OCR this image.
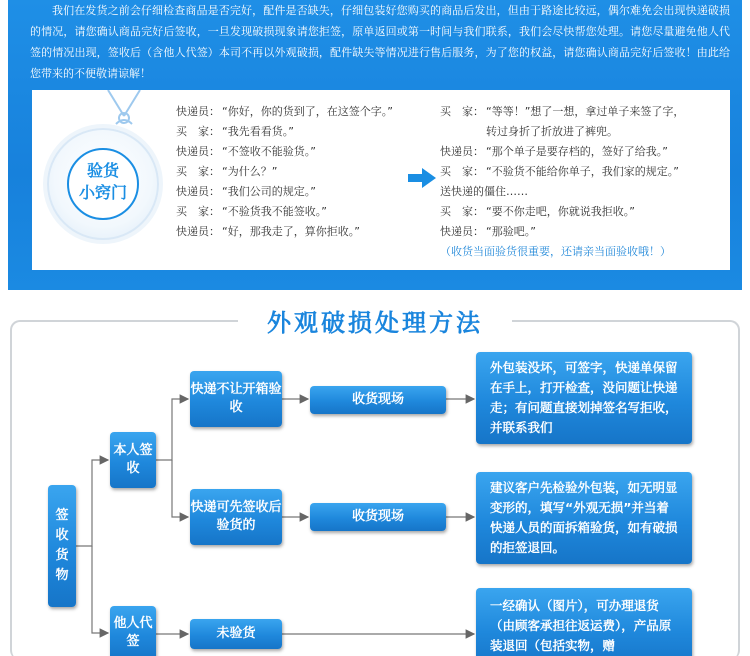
我们在发货之前会仔细检查商品是否完好，配件是否缺失，仔细包装好您购买的商品后发出，但由于路途比较远，偶尔难免会出现快递破损的情况，请您确认商品完好后签收，一旦发现破损现象请您拒签，原单返回或第一时间与我们联系，我们会尽快帮您处理。请您尽量避免他人代签的情况出现，签收后（含他人代签）本司不再以外观破损，配件缺失等情况进行售后服务，为了您的权益，请您确认商品完好后签收！由此给您带来的不便敬请谅解！

验货
小窍门
快递员： “你好，你的货到了，在这签个字。”
买　家： “我先看看货。”
快递员： “不签收不能验货。”
买　家： “为什么？”
快递员： “我们公司的规定。”
买　家： “不验货我不能签收。”
快递员： “好，那我走了，算你拒收。”
买　家： “等等！”想了一想，拿过单子来签了字，
转过身折了折放进了裤兜。
快递员： “那个单子是要存档的，签好了给我。”
买　家： “不验货不能给你单子，我们家的规定。”
送快递的僵住……
买　家： “要不你走吧，你就说我拒收。”
快递员： “那验吧。”
（收货当面验货很重要，还请亲当面验收哦！）
外观破损处理方法
签
收
货
物
本人签收
他人代签
快递不让开箱验收
快递可先签收后验货的
未验货
收货现场
收货现场
外包装没坏，可签字，快递单保留在手上，打开检查，没问题让快递走；有问题直接划掉签名写拒收，并联系我们
建议客户先检验外包装，如无明显变形的，填写“外观无损”并当着快递人员的面拆箱验货，如有破损的拒签退回。
一经确认（图片），可办理退货（由顾客承担往返运费），产品原装退回（包括实物，赠
